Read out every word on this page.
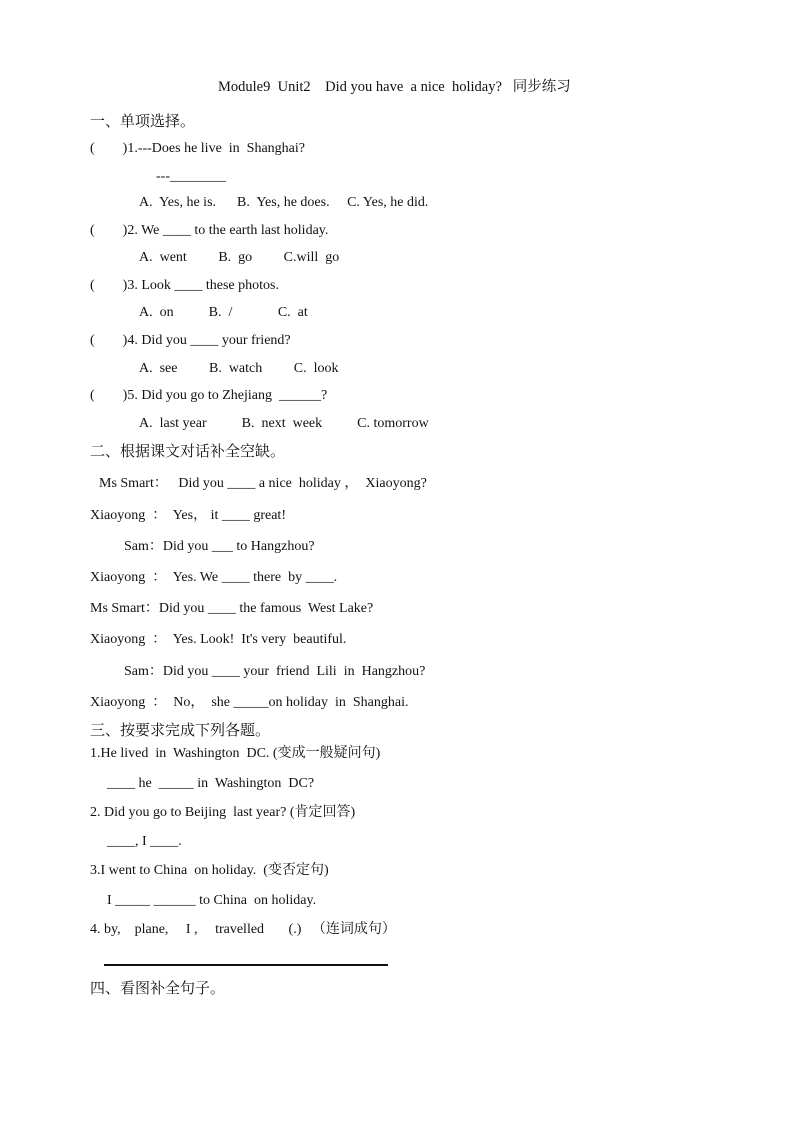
Module9  Unit2    Did you have  a nice  holiday?   同步练习
一、单项选择。
(        )1.---Does he live  in  Shanghai?
---________
A.  Yes, he is.      B.  Yes, he does.     C. Yes, he did.
(        )2. We ____ to the earth last holiday.
A.  went         B.  go         C.will  go
(        )3. Look ____ these photos.
A.  on          B.  /             C.  at
(        )4. Did you ____ your friend?
A.  see         B.  watch         C.  look
(        )5. Did you go to Zhejiang  ______?
A.  last year          B.  next  week          C. tomorrow
二、根据课文对话补全空缺。
Ms Smart：   Did you ____ a nice  holiday ，  Xiaoyong?
Xiaoyong  ：  Yes， it ____ great!
Sam：Did you ___ to Hangzhou?
Xiaoyong  ：  Yes. We ____ there  by ____.
Ms Smart：Did you ____ the famous  West Lake?
Xiaoyong  ：  Yes. Look!  It's very  beautiful.
Sam：Did you ____ your  friend  Lili  in  Hangzhou?
Xiaoyong  ：  No，  she _____on holiday  in  Shanghai.
三、按要求完成下列各题。
1.He lived  in  Washington  DC. (变成一般疑问句)
____ he  _____ in  Washington  DC?
2. Did you go to Beijing  last year? (肯定回答)
____, I ____.
3.I went to China  on holiday.  (变否定句)
I _____ ______ to China  on holiday.
4. by,    plane,     I ,     travelled       (.)   （连词成句）
四、看图补全句子。
